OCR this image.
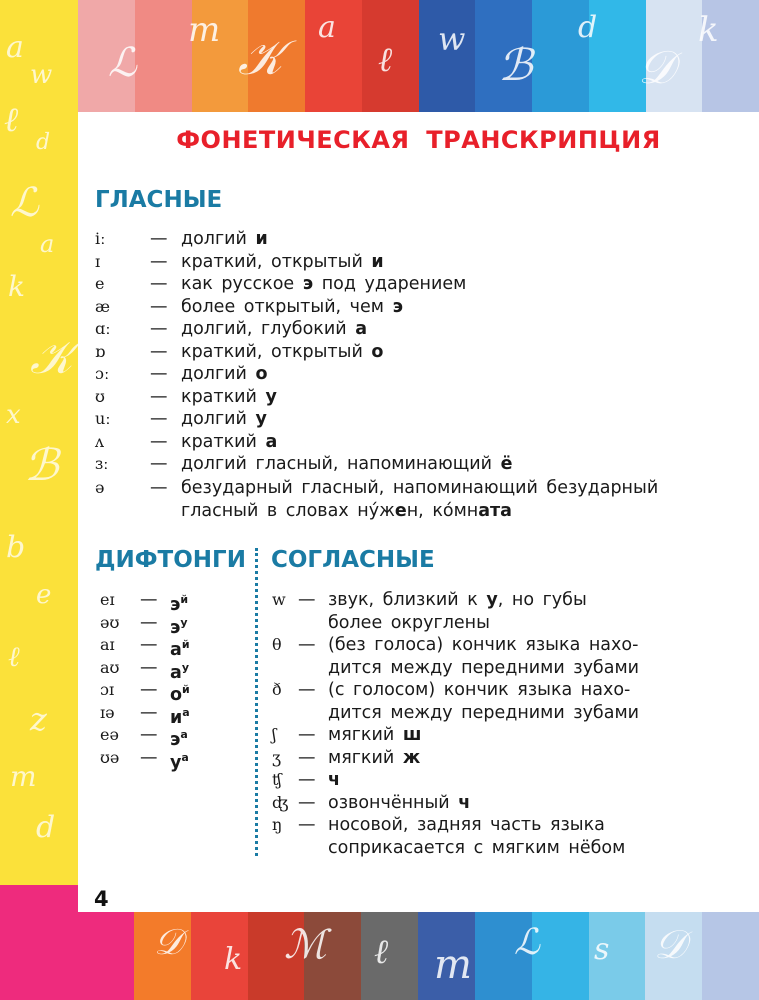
a
w
ℓ
d
ℒ
a
k
𝒦
x
ℬ
b
e
ℓ
z
m
d
ℒ
m 𝒦
a
ℓ
w
ℬ
d
𝒟
k
4
𝒟 k ℳ ℓ m ℒ s 𝒟
ФОНЕТИЧЕСКАЯ ТРАНСКРИПЦИЯ
ГЛАСНЫЕ
iː	— долгий и
ɪ	— краткий, открытый и
e	— как русское э под ударением
æ — более открытый, чем э
ɑː — долгий, глубокий а
ɒ	— краткий, открытый о
ɔː — долгий о
ʊ	— краткий у
uː — долгий у
ʌ	— краткий а
ɜː — долгий гласный, напоминающий ё
ə	— безударный гласный, напоминающий безударный
гласный в словах ну́жен, ко́мната
ДИФТОНГИ
eɪ — $э^й$
əʊ — $э^у$
aɪ — $а^й$
aʊ — $а^у$
ɔɪ — $о^й$
ɪə — $и^а$
eə — $э^а$
ʊə — $у^а$
СОГЛАСНЫЕ
w — звук, близкий к у, но губы
более округлены
θ — (без голоса) кончик языка нахо-
дится между передними зубами
ð — (с голосом) кончик языка нахо-
дится между передними зубами
ʃ — мягкий ш
ʒ — мягкий ж
ʧ — ч
ʤ — озвончённый ч
ŋ — носовой, задняя часть языка
соприкасается с мягким нёбом
